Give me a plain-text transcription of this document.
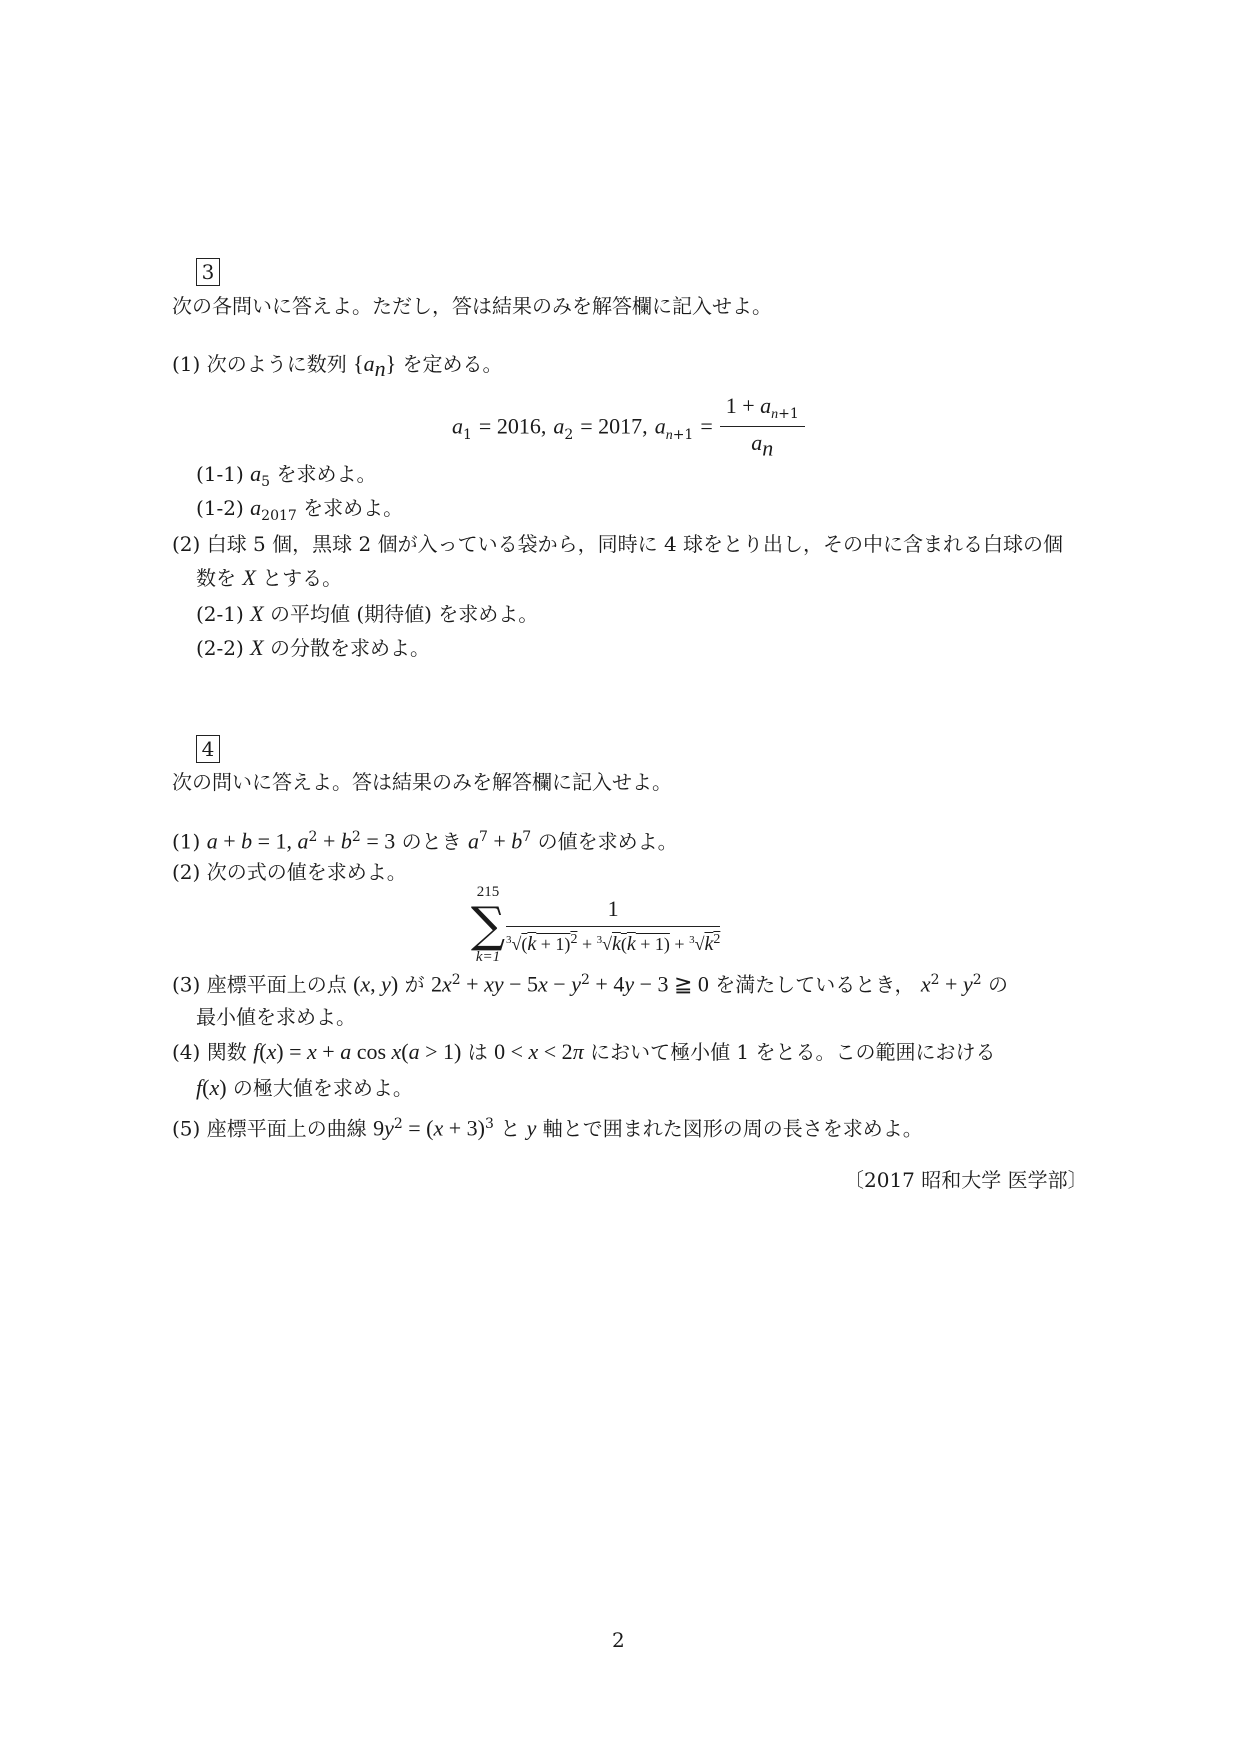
3
次の各問いに答えよ。ただし，答は結果のみを解答欄に記入せよ。
(1) 次のように数列 $\{a_n\}$ を定める。
$a_1 = 2016$, $a_2 = 2017$, $a_{n+1} = \frac{1 + a_{n+1}}{a_n}$
(1-1) $a_5$ を求めよ。
(1-2) $a_{2017}$ を求めよ。
(2) 白球 5 個，黒球 2 個が入っている袋から，同時に 4 球をとり出し，その中に含まれる白球の個
数を X とする。
(2-1) X の平均値 (期待値) を求めよ。
(2-2) X の分散を求めよ。
4
次の問いに答えよ。答は結果のみを解答欄に記入せよ。
(1) a + b = 1, $a^2 + b^2 = 3$ のとき $a^7 + b^7$ の値を求めよ。
(2) 次の式の値を求めよ。
215
∑
k=1
$\frac{1}{^3√(k + 1)^2 + ^3√k(k + 1) + ^3√k^2}$
(3) 座標平面上の点 (x, y) が $2x^2$ + xy − $5x - y^2 + 4y - 3$ ≧ 0 を満たしているとき， $x^2 + y^2$ の
最小値を求めよ。
(4) 関数 f(x) = x + a cos x(a > 1) は 0 < x < 2π において極小値 1 をとる。この範囲における
f(x) の極大値を求めよ。
(5) 座標平面上の曲線 $9y^2 = (x + 3)^3$ と y 軸とで囲まれた図形の周の長さを求めよ。
〔2017 昭和大学 医学部〕
2
